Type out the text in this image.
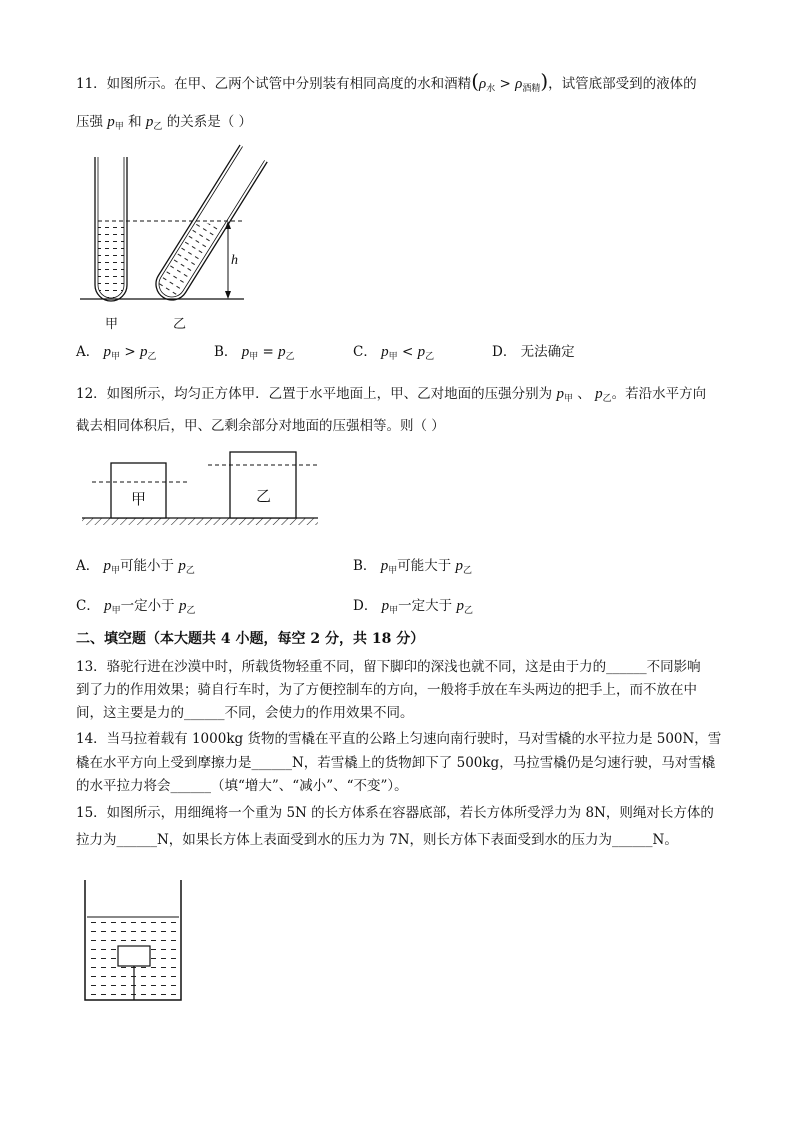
11．如图所示。在甲、乙两个试管中分别装有相同高度的水和酒精$(\rho_水 > \rho_{酒精})$，试管底部受到的液体的
压强 $p_甲$ 和 $p_乙$ 的关系是（ ）
h
甲	乙
A． $p_甲 > p_乙$	B． $p_甲 = p_乙$	C． $p_甲 < p_乙$	D． 无法确定
12．如图所示，均匀正方体甲．乙置于水平地面上，甲、乙对地面的压强分别为 $p_甲$ 、 $p_乙$。若沿水平方向
截去相同体积后，甲、乙剩余部分对地面的压强相等。则（ ）
甲	乙
A． $p_甲$可能小于 $p_乙$	B． $p_甲$可能大于 $p_乙$
C． $p_甲$一定小于 $p_乙$	D． $p_甲$一定大于 $p_乙$
二、填空题（本大题共 4 小题，每空 2 分，共 18 分）
13．骆驼行进在沙漠中时，所载货物轻重不同，留下脚印的深浅也就不同，这是由于力的______不同影响
到了力的作用效果；骑自行车时，为了方便控制车的方向，一般将手放在车头两边的把手上，而不放在中
间，这主要是力的______不同，会使力的作用效果不同。
14．当马拉着载有 1000kg 货物的雪橇在平直的公路上匀速向南行驶时，马对雪橇的水平拉力是 500N，雪
橇在水平方向上受到摩擦力是______N，若雪橇上的货物卸下了 500kg，马拉雪橇仍是匀速行驶，马对雪橇
的水平拉力将会______（填“增大”、“减小”、“不变”）。
15．如图所示，用细绳将一个重为 5N 的长方体系在容器底部，若长方体所受浮力为 8N，则绳对长方体的
拉力为______N，如果长方体上表面受到水的压力为 7N，则长方体下表面受到水的压力为______N。
